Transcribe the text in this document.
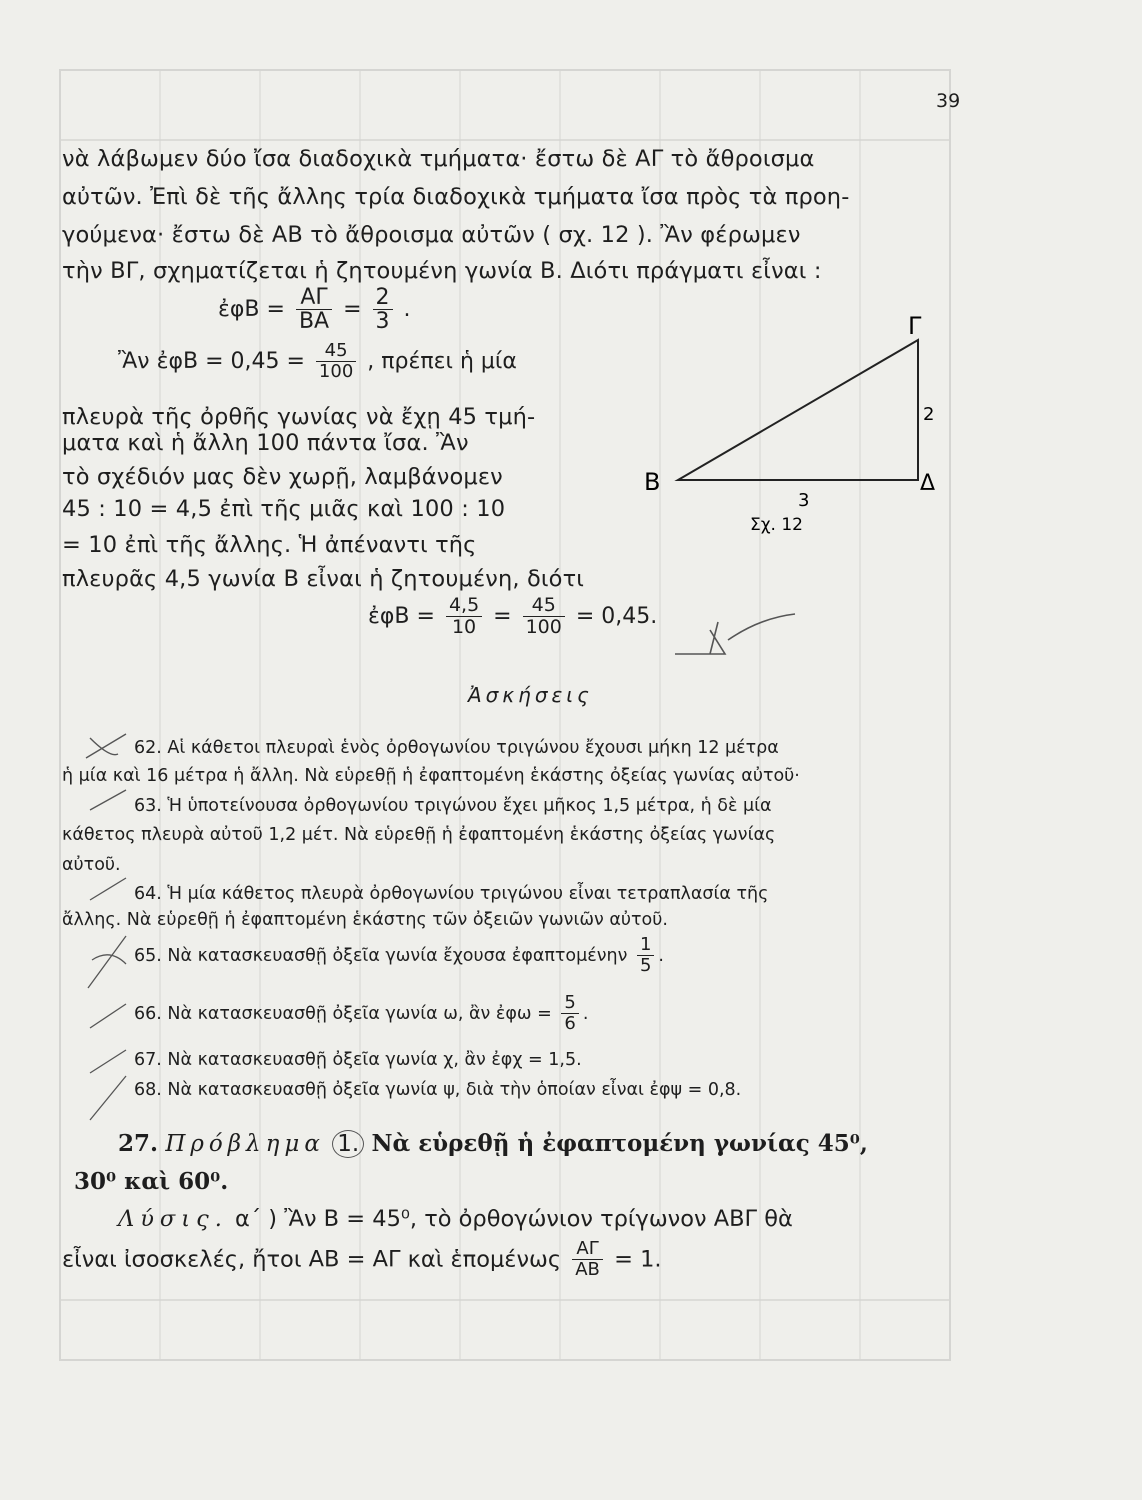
39
νὰ λάβωμεν δύο ἴσα διαδοχικὰ τμήματα· ἔστω δὲ ΑΓ τὸ ἄθροισμα
αὐτῶν. Ἐπὶ δὲ τῆς ἄλλης τρία διαδοχικὰ τμήματα ἴσα πρὸς τὰ προη-
γούμενα· ἔστω δὲ ΑΒ τὸ ἄθροισμα αὐτῶν ( σχ. 12 ). Ἂν φέρωμεν
τὴν ΒΓ, σχηματίζεται ἡ ζητουμένη γωνία Β. Διότι πράγματι εἶναι :
ἐφΒ = $\frac{A\Gamma}{BA} = \frac{2}{3}$ .
Ἂν ἐφΒ = $0,45 = \frac{45}{100}$ , πρέπει ἡ μία
πλευρὰ τῆς ὀρθῆς γωνίας νὰ ἔχῃ 45 τμή-
ματα καὶ ἡ ἄλλη 100 πάντα ἴσα. Ἂν
τὸ σχέδιόν μας δὲν χωρῇ, λαμβάνομεν
45 : 10 = 4,5 ἐπὶ τῆς μιᾶς καὶ 100 : 10
= 10 ἐπὶ τῆς ἄλλης. Ἡ ἀπέναντι τῆς
πλευρᾶς 4,5 γωνία Β εἶναι ἡ ζητουμένη, διότι
ἐφΒ = $\frac{4,5}{10} = \frac{45}{100} = 0,45$.
Β
Γ
Δ
2
3
Σχ. 12
Ἀσκήσεις
62. Αἱ κάθετοι πλευραὶ ἑνὸς ὀρθογωνίου τριγώνου ἔχουσι μήκη 12 μέτρα
ἡ μία καὶ 16 μέτρα ἡ ἄλλη. Νὰ εὑρεθῇ ἡ ἐφαπτομένη ἑκάστης ὀξείας γωνίας αὐτοῦ·
63. Ἡ ὑποτείνουσα ὀρθογωνίου τριγώνου ἔχει μῆκος 1,5 μέτρα, ἡ δὲ μία
κάθετος πλευρὰ αὐτοῦ 1,2 μέτ. Νὰ εὑρεθῇ ἡ ἐφαπτομένη ἑκάστης ὀξείας γωνίας
αὐτοῦ.
64. Ἡ μία κάθετος πλευρὰ ὀρθογωνίου τριγώνου εἶναι τετραπλασία τῆς
ἄλλης. Νὰ εὑρεθῇ ἡ ἐφαπτομένη ἑκάστης τῶν ὀξειῶν γωνιῶν αὐτοῦ.
65. Νὰ κατασκευασθῇ ὀξεῖα γωνία ἔχουσα ἐφαπτομένην $\frac{1}{5}$ .
66. Νὰ κατασκευασθῇ ὀξεῖα γωνία ω, ἂν ἐφω = $\frac{5}{6}$ .
67. Νὰ κατασκευασθῇ ὀξεῖα γωνία χ, ἂν ἐφχ = 1,5.
68. Νὰ κατασκευασθῇ ὀξεῖα γωνία ψ, διὰ τὴν ὁποίαν εἶναι ἐφψ = 0,8.
27. Πρόβλημα 1. Νὰ εὑρεθῇ ἡ ἐφαπτομένη γωνίας 45⁰,
30⁰ καὶ 60⁰.
Λύσις. α΄ ) Ἂν Β = 45⁰, τὸ ὀρθογώνιον τρίγωνον ΑΒΓ θὰ
εἶναι ἰσοσκελές, ἤτοι ΑΒ = ΑΓ καὶ ἑπομένως $\frac{A\Gamma}{AB} = 1$.
